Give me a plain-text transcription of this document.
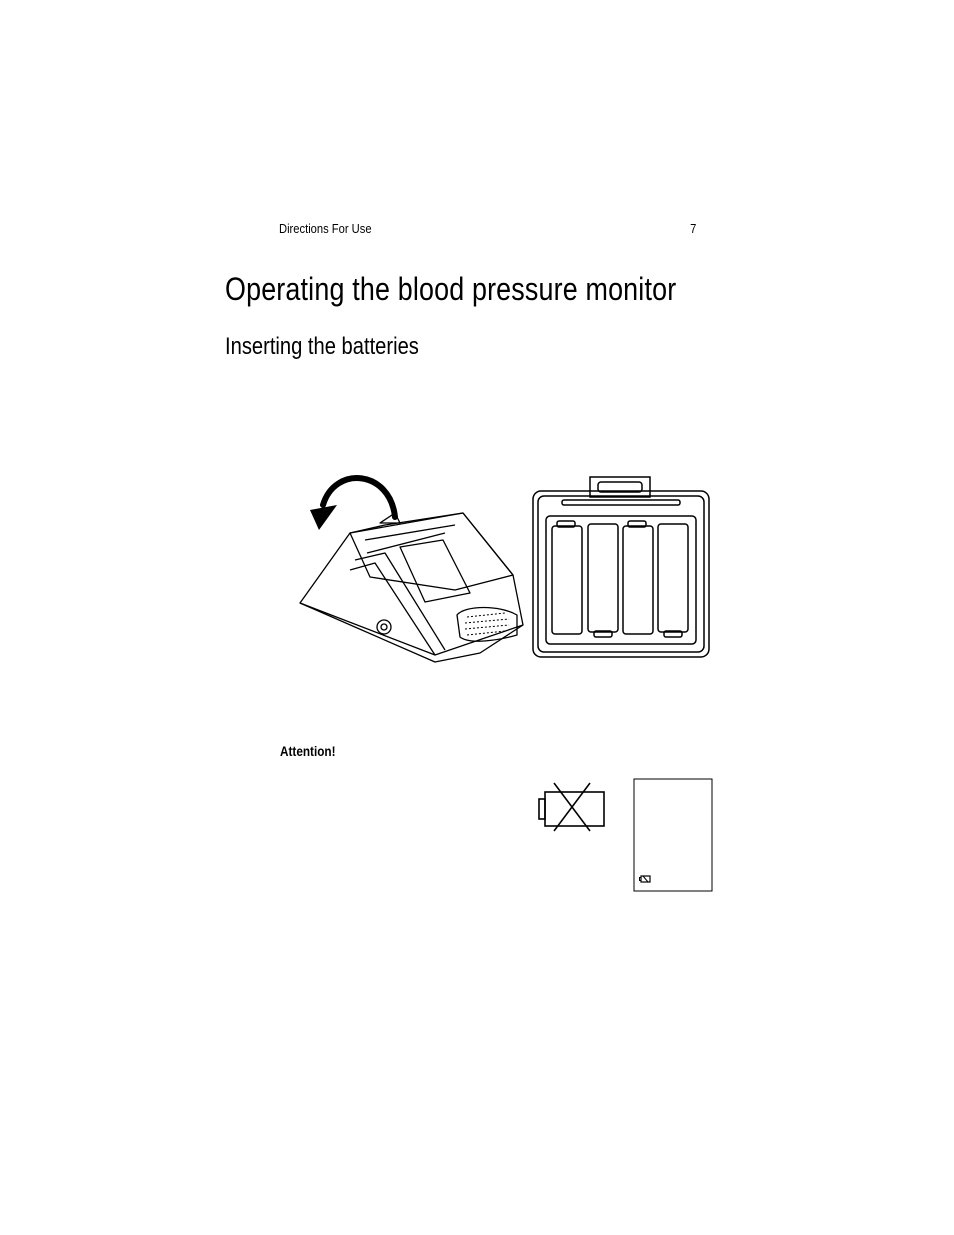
Directions For Use	7
Operating the blood pressure monitor
Inserting the batteries
Attention!
